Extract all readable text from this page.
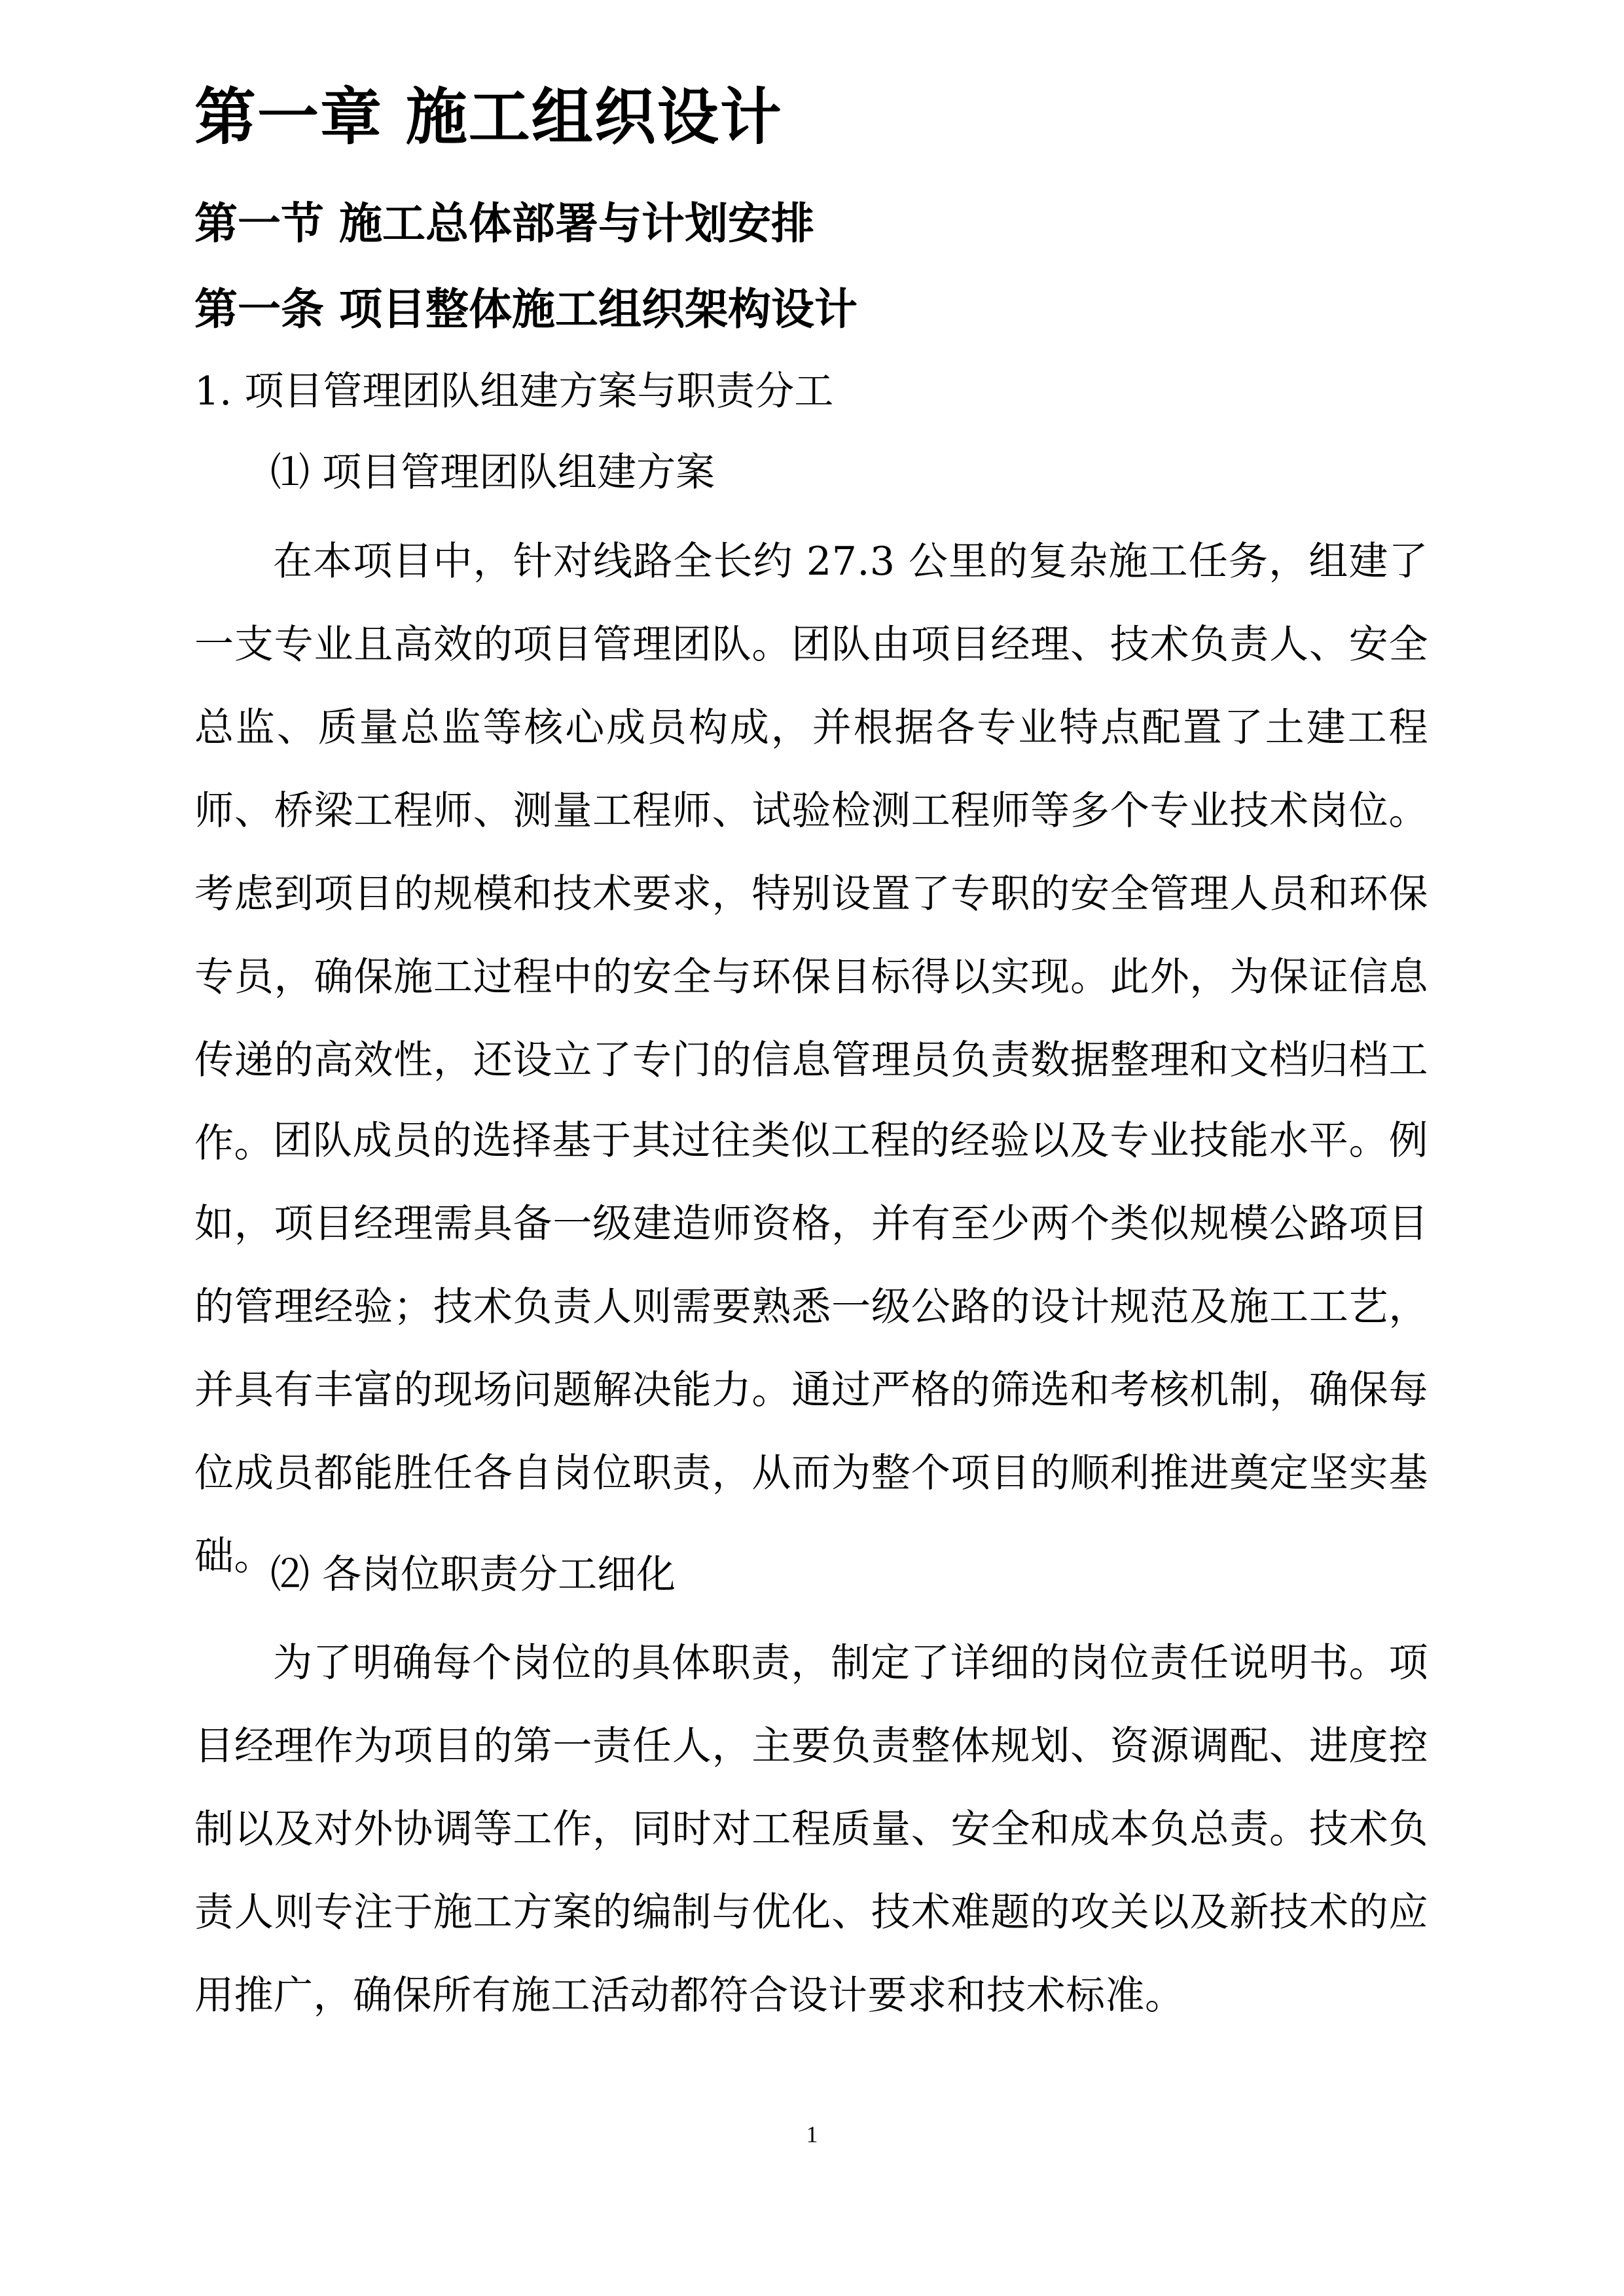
第一章 施工组织设计
第一节 施工总体部署与计划安排
第一条 项目整体施工组织架构设计
1. 项目管理团队组建方案与职责分工
⑴ 项目管理团队组建方案

在本项目中，针对线路全长约 27.3 公里的复杂施工任务，组建了一支专业且高效的项目管理团队。团队由项目经理、技术负责人、安全总监、质量总监等核心成员构成，并根据各专业特点配置了土建工程师、桥梁工程师、测量工程师、试验检测工程师等多个专业技术岗位。考虑到项目的规模和技术要求，特别设置了专职的安全管理人员和环保专员，确保施工过程中的安全与环保目标得以实现。此外，为保证信息传递的高效性，还设立了专门的信息管理员负责数据整理和文档归档工作。 团队成员的选择基于其过往类似工程的经验以及专业技能水平。例如，项目经理需具备一级建造师资格，并有至少两个类似规模公路项目的管理经验；技术负责人则需要熟悉一级公路的设计规范及施工工艺，并具有丰富的现场问题解决能力。通过严格的筛选和考核机制，确保每位成员都能胜任各自岗位职责，从而为整个项目的顺利推进奠定坚实基础。

⑵ 各岗位职责分工细化

为了明确每个岗位的具体职责，制定了详细的岗位责任说明书。项目经理作为项目的第一责任人，主要负责整体规划、资源调配、进度控制以及对外协调等工作，同时对工程质量、安全和成本负总责。技术负责人则专注于施工方案的编制与优化、技术难题的攻关以及新技术的应用推广，确保所有施工活动都符合设计要求和技术标准。

1
